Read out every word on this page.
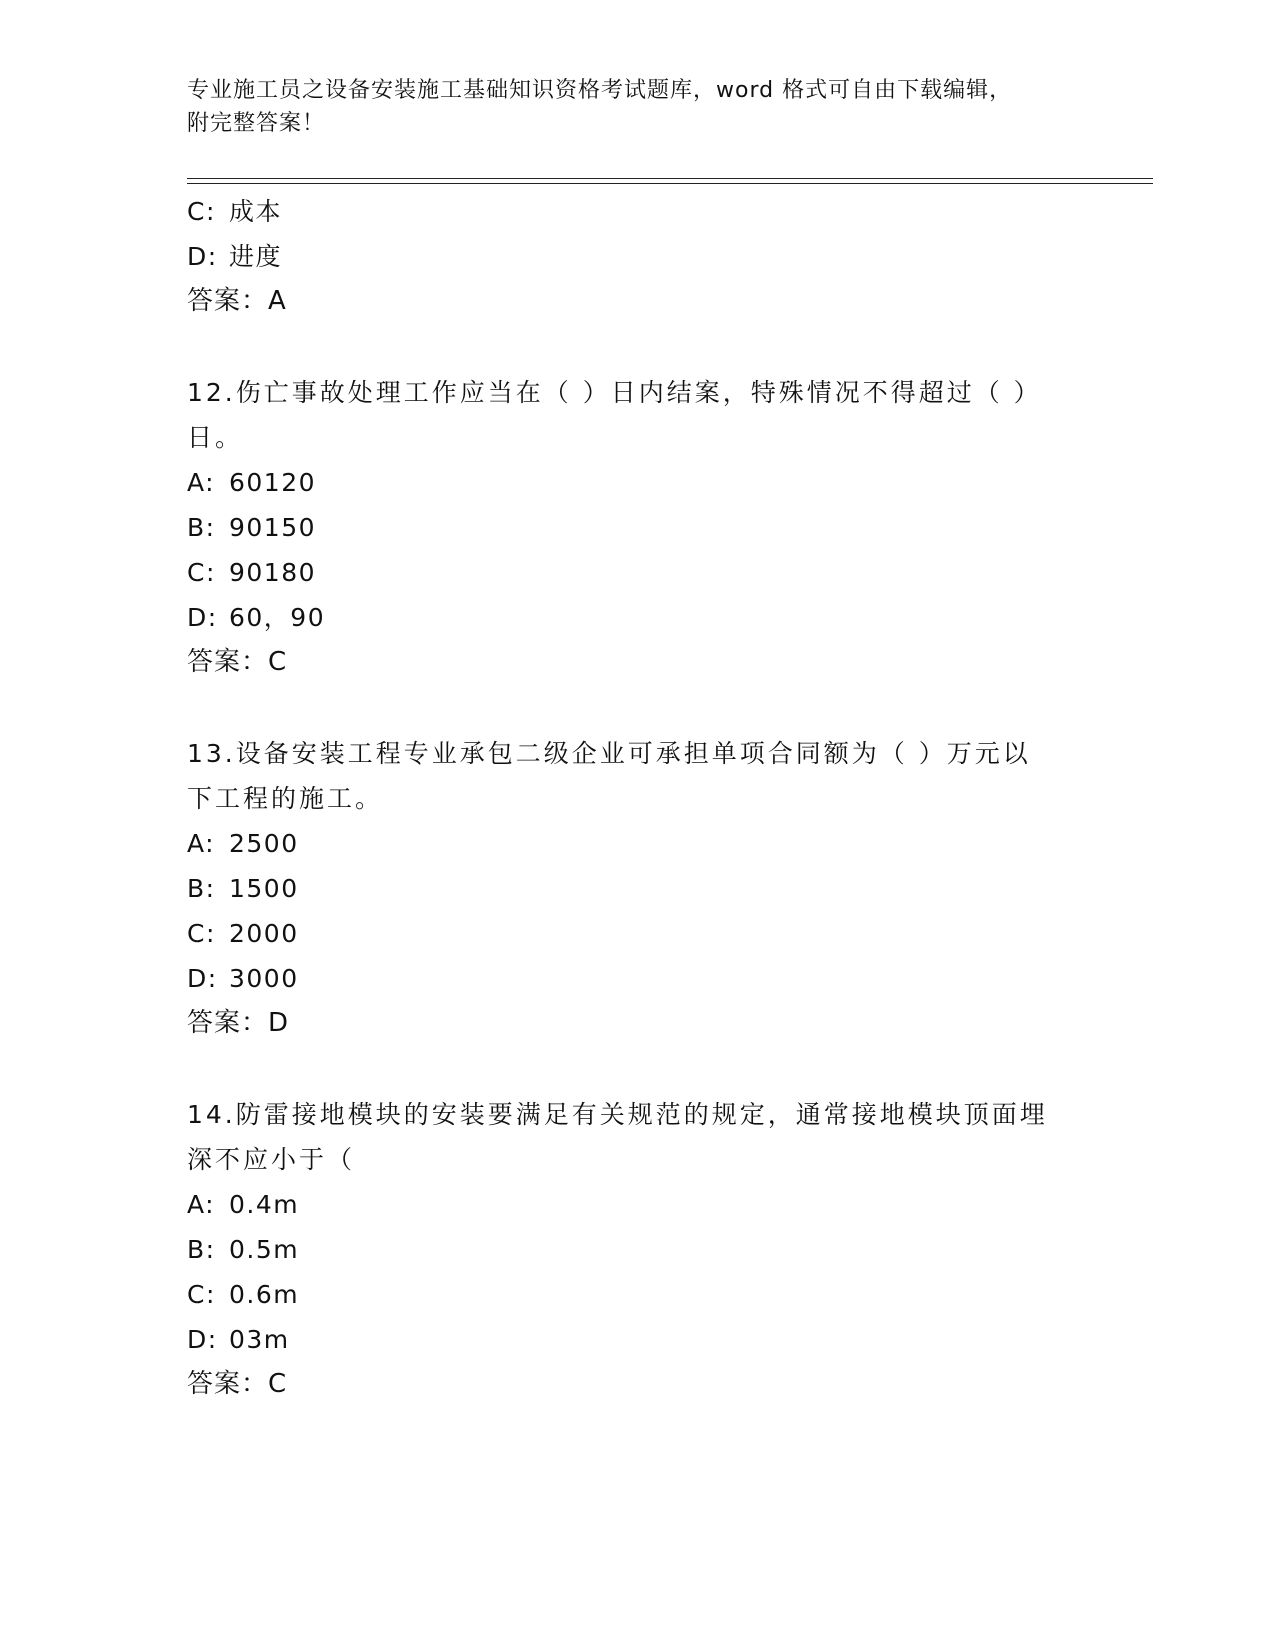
专业施工员之设备安装施工基础知识资格考试题库，word 格式可自由下载编辑，
附完整答案！
C: 成本
D: 进度
答案：A
12.伤亡事故处理工作应当在（ ）日内结案，特殊情况不得超过（ ）
日。
A: 60120
B: 90150
C: 90180
D: 60，90
答案：C
13.设备安装工程专业承包二级企业可承担单项合同额为（ ）万元以
下工程的施工。
A: 2500
B: 1500
C: 2000
D: 3000
答案：D
14.防雷接地模块的安装要满足有关规范的规定，通常接地模块顶面埋
深不应小于（
A: 0.4m
B: 0.5m
C: 0.6m
D: 03m
答案：C
